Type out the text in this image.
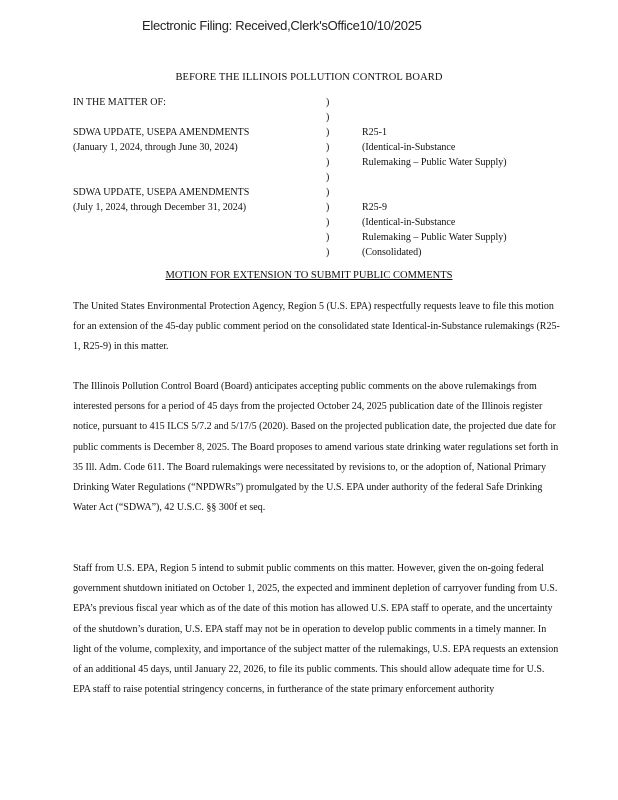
Electronic Filing: Received,Clerk'sOffice10/10/2025
BEFORE THE ILLINOIS POLLUTION CONTROL BOARD
IN THE MATTER OF:	)
)
SDWA UPDATE, USEPA AMENDMENTS	)	R25-1
(January 1, 2024, through June 30, 2024)	)	(Identical-in-Substance
)	Rulemaking – Public Water Supply)
)
SDWA UPDATE, USEPA AMENDMENTS	)
(July 1, 2024, through December 31, 2024)	)	R25-9
)	(Identical-in-Substance
)	Rulemaking – Public Water Supply)
)	(Consolidated)
MOTION FOR EXTENSION TO SUBMIT PUBLIC COMMENTS

The United States Environmental Protection Agency, Region 5 (U.S. EPA) respectfully requests leave to file this motion for an extension of the 45-day public comment period on the consolidated state Identical-in-Substance rulemakings (R25-1, R25-9) in this matter.

The Illinois Pollution Control Board (Board) anticipates accepting public comments on the above rulemakings from interested persons for a period of 45 days from the projected October 24, 2025 publication date of the Illinois register notice, pursuant to 415 ILCS 5/7.2 and 5/17/5 (2020). Based on the projected publication date, the projected due date for public comments is December 8, 2025. The Board proposes to amend various state drinking water regulations set forth in 35 Ill. Adm. Code 611. The Board rulemakings were necessitated by revisions to, or the adoption of, National Primary Drinking Water Regulations (“NPDWRs”) promulgated by the U.S. EPA under authority of the federal Safe Drinking Water Act (“SDWA”), 42 U.S.C. §§ 300f et seq.

Staff from U.S. EPA, Region 5 intend to submit public comments on this matter. However, given the on-going federal government shutdown initiated on October 1, 2025, the expected and imminent depletion of carryover funding from U.S. EPA’s previous fiscal year which as of the date of this motion has allowed U.S. EPA staff to operate, and the uncertainty of the shutdown’s duration, U.S. EPA staff may not be in operation to develop public comments in a timely manner. In light of the volume, complexity, and importance of the subject matter of the rulemakings, U.S. EPA requests an extension of an additional 45 days, until January 22, 2026, to file its public comments. This should allow adequate time for U.S. EPA staff to raise potential stringency concerns, in furtherance of the state primary enforcement authority
